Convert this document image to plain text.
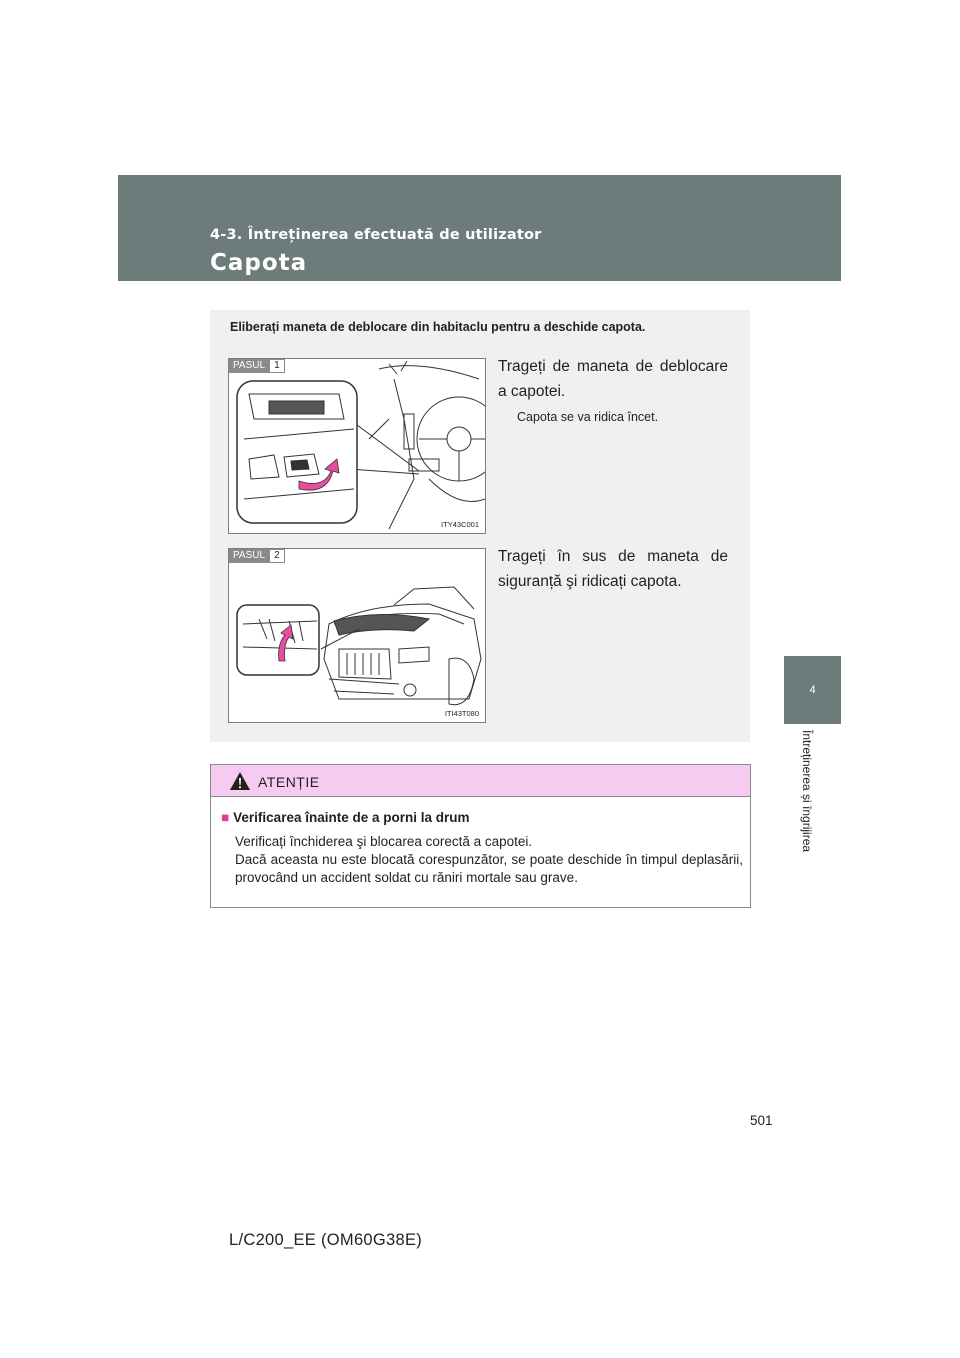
4-3. Întreținerea efectuată de utilizator
Capota
4
Întreținerea și îngrijirea
Eliberați maneta de deblocare din habitaclu pentru a deschide capota.
PASUL 1
ITY43C001
Trageți de maneta de deblocare a capotei.
Capota se va ridica încet.
PASUL 2
ITI43T080
Trageți în sus de maneta de siguranță şi ridicați capota.
ATENȚIE
■ Verificarea înainte de a porni la drum

Verificați închiderea şi blocarea corectă a capotei.

Dacă aceasta nu este blocată corespunzător, se poate deschide în timpul deplasării, provocând un accident soldat cu răniri mortale sau grave.

501
L/C200_EE (OM60G38E)
